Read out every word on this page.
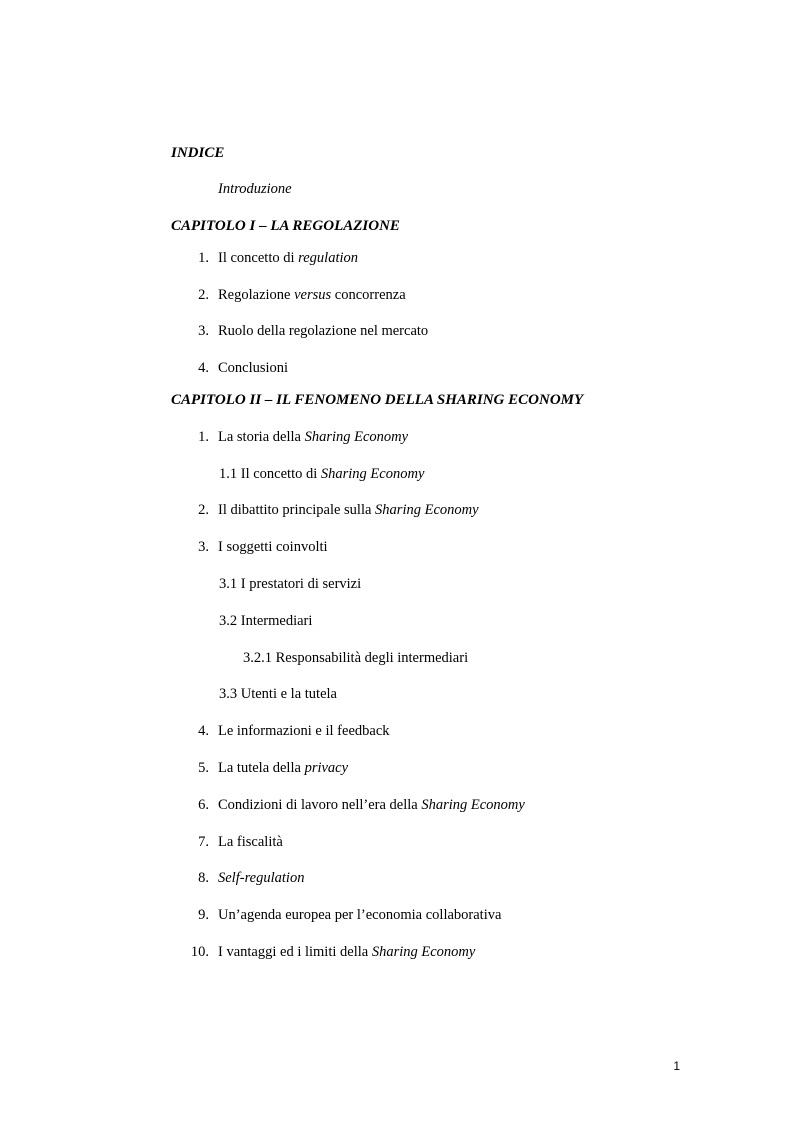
INDICE
Introduzione
CAPITOLO I – LA REGOLAZIONE
1. Il concetto di regulation
2. Regolazione versus concorrenza
3. Ruolo della regolazione nel mercato
4. Conclusioni
CAPITOLO II – IL FENOMENO DELLA SHARING ECONOMY
1. La storia della Sharing Economy
1.1 Il concetto di Sharing Economy
2. Il dibattito principale sulla Sharing Economy
3. I soggetti coinvolti
3.1 I prestatori di servizi
3.2 Intermediari
3.2.1 Responsabilità degli intermediari
3.3 Utenti e la tutela
4. Le informazioni e il feedback
5. La tutela della privacy
6. Condizioni di lavoro nell’era della Sharing Economy
7. La fiscalità
8. Self-regulation
9. Un’agenda europea per l’economia collaborativa
10. I vantaggi ed i limiti della Sharing Economy
1
